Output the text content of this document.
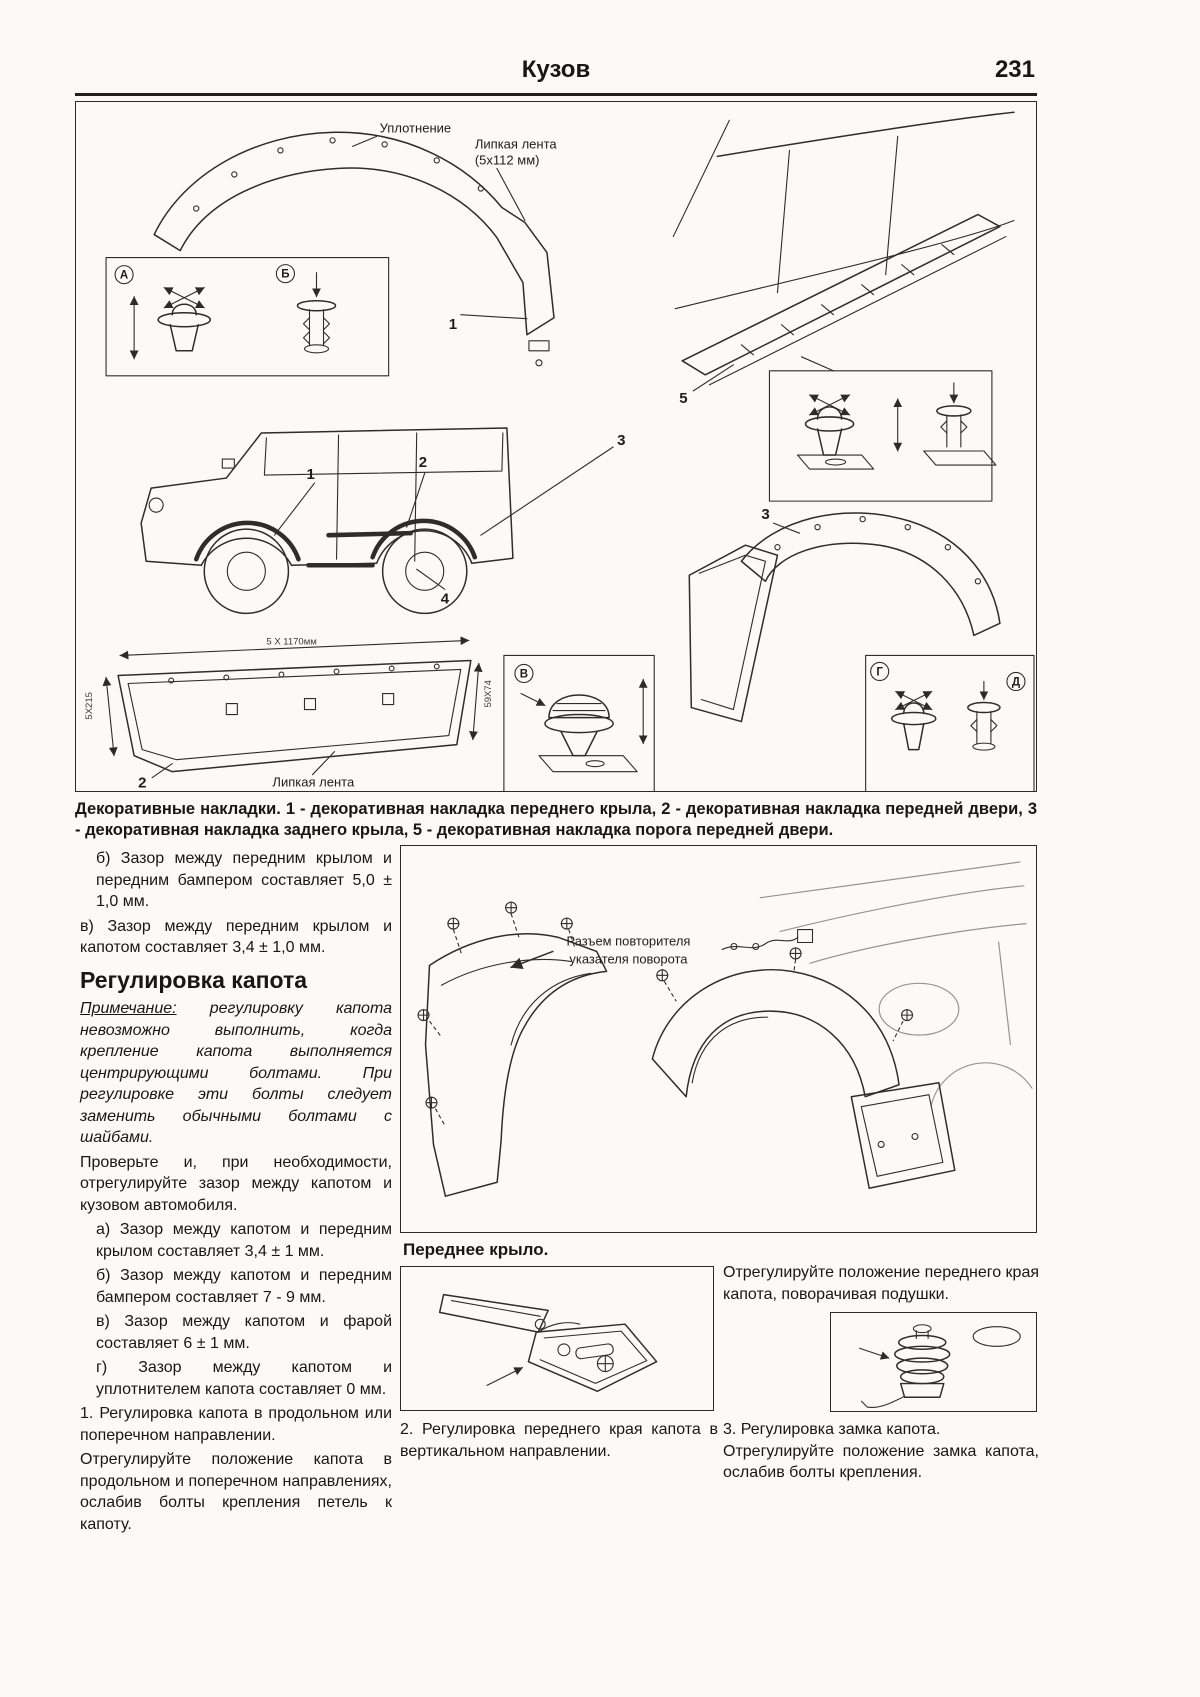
Кузов	231
Уплотнение
Липкая лента
(5х112 мм)
1
А	Б
1
2
3
4
5
3
5 X 1170мм
5X215	59X74
Липкая лента
2
В	Г
Д

Декоративные накладки. 1 - декоративная накладка переднего крыла, 2 - декоративная накладка передней двери, 3 - декоративная накладка заднего крыла, 5 - декоративная накладка порога передней двери.

б) Зазор между передним крылом и передним бампером составляет 5,0 ± 1,0 мм.

в) Зазор между передним крылом и капотом составляет 3,4 ± 1,0 мм.

Регулировка капота

Примечание: регулировку капота невозможно выполнить, когда крепление капота выполняется центрирующими болтами. При регулировке эти болты следует заменить обычными болтами с шайбами.

Проверьте и, при необходимости, отрегулируйте зазор между капотом и кузовом автомобиля.

а) Зазор между капотом и передним крылом составляет 3,4 ± 1 мм.

б) Зазор между капотом и передним бампером составляет 7 - 9 мм.

в) Зазор между капотом и фарой составляет 6 ± 1 мм.

г) Зазор между капотом и уплотнителем капота составляет 0 мм.

1. Регулировка капота в продольном или поперечном направлении.

Отрегулируйте положение капота в продольном и поперечном направлениях, ослабив болты крепления петель к капоту.

Разъем повторителя
указателя поворота

Переднее крыло.

2. Регулировка переднего края капота в вертикальном направлении.

Отрегулируйте положение переднего края капота, поворачивая подушки.

3. Регулировка замка капота.
Отрегулируйте положение замка капота, ослабив болты крепления.
